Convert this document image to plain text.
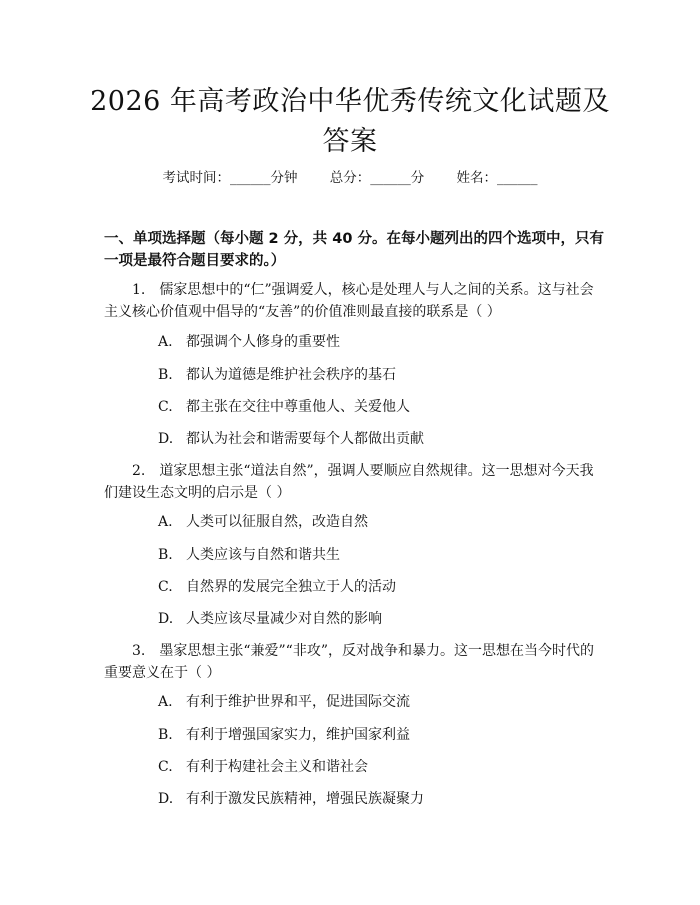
2026 年高考政治中华优秀传统文化试题及答案
考试时间：______分钟 总分：______分 姓名：______
一、单项选择题（每小题 2 分，共 40 分。在每小题列出的四个选项中，只有一项是最符合题目要求的。）
1.　儒家思想中的“仁”强调爱人，核心是处理人与人之间的关系。这与社会主义核心价值观中倡导的“友善”的价值准则最直接的联系是（ ）
A. 都强调个人修身的重要性
B. 都认为道德是维护社会秩序的基石
C. 都主张在交往中尊重他人、关爱他人
D. 都认为社会和谐需要每个人都做出贡献
2.　道家思想主张“道法自然”，强调人要顺应自然规律。这一思想对今天我们建设生态文明的启示是（ ）
A. 人类可以征服自然，改造自然
B. 人类应该与自然和谐共生
C. 自然界的发展完全独立于人的活动
D. 人类应该尽量减少对自然的影响
3.　墨家思想主张“兼爱”“非攻”，反对战争和暴力。这一思想在当今时代的重要意义在于（ ）
A. 有利于维护世界和平，促进国际交流
B. 有利于增强国家实力，维护国家利益
C. 有利于构建社会主义和谐社会
D. 有利于激发民族精神，增强民族凝聚力
